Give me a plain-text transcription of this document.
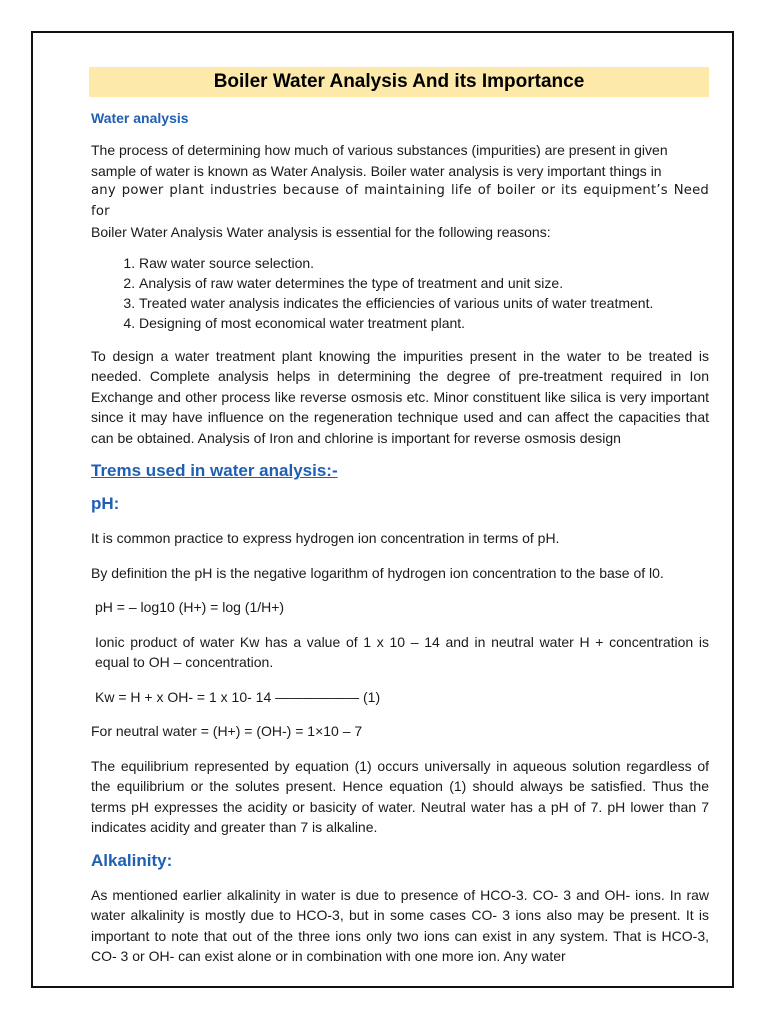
Boiler Water Analysis And its Importance
Water analysis

The process of determining how much of various substances (impurities) are present in given

sample of water is known as Water Analysis. Boiler water analysis is very important things in

any power plant industries because of maintaining life of boiler or its equipment’s Need for

Boiler Water Analysis Water analysis is essential for the following reasons:

1. Raw water source selection.
2. Analysis of raw water determines the type of treatment and unit size.
3. Treated water analysis indicates the efficiencies of various units of water treatment.
4. Designing of most economical water treatment plant.

To design a water treatment plant knowing the impurities present in the water to be treated is needed. Complete analysis helps in determining the degree of pre-treatment required in Ion Exchange and other process like reverse osmosis etc. Minor constituent like silica is very important since it may have influence on the regeneration technique used and can affect the capacities that can be obtained. Analysis of Iron and chlorine is important for reverse osmosis design

Trems used in water analysis:-
pH:

It is common practice to express hydrogen ion concentration in terms of pH.

By definition the pH is the negative logarithm of hydrogen ion concentration to the base of l0.

pH = – log10 (H+) = log (1/H+)

Ionic product of water Kw has a value of 1 x 10 – 14 and in neutral water H + concentration is equal to OH – concentration.

Kw = H + x OH- = 1 x 10- 14 —————— (1)

For neutral water = (H+) = (OH-) = 1×10 – 7

The equilibrium represented by equation (1) occurs universally in aqueous solution regardless of the equilibrium or the solutes present. Hence equation (1) should always be satisfied. Thus the terms pH expresses the acidity or basicity of water. Neutral water has a pH of 7. pH lower than 7 indicates acidity and greater than 7 is alkaline.

Alkalinity:

As mentioned earlier alkalinity in water is due to presence of HCO-3. CO- 3 and OH- ions. In raw water alkalinity is mostly due to HCO-3, but in some cases CO- 3 ions also may be present. It is important to note that out of the three ions only two ions can exist in any system. That is HCO-3, CO- 3 or OH- can exist alone or in combination with one more ion. Any water
